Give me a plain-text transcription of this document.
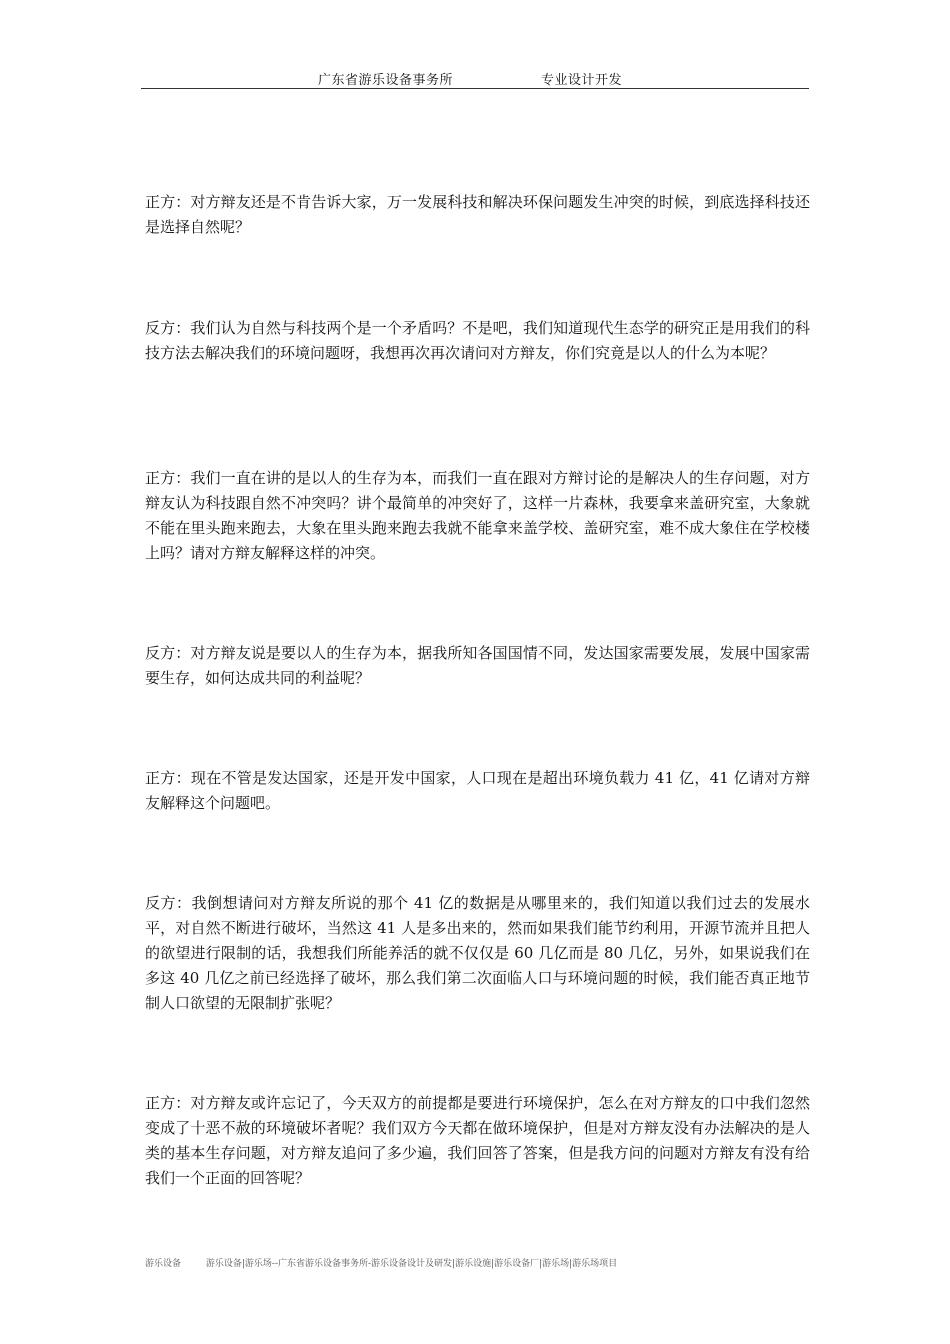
广东省游乐设备事务所	专业设计开发

正方：对方辩友还是不肯告诉大家，万一发展科技和解决环保问题发生冲突的时候，到底选择科技还是选择自然呢？

反方：我们认为自然与科技两个是一个矛盾吗？不是吧，我们知道现代生态学的研究正是用我们的科技方法去解决我们的环境问题呀，我想再次再次请问对方辩友，你们究竟是以人的什么为本呢？

正方：我们一直在讲的是以人的生存为本，而我们一直在跟对方辩讨论的是解决人的生存问题，对方辩友认为科技跟自然不冲突吗？讲个最简单的冲突好了，这样一片森林，我要拿来盖研究室，大象就不能在里头跑来跑去，大象在里头跑来跑去我就不能拿来盖学校、盖研究室，难不成大象住在学校楼上吗？请对方辩友解释这样的冲突。

反方：对方辩友说是要以人的生存为本，据我所知各国国情不同，发达国家需要发展，发展中国家需要生存，如何达成共同的利益呢？

正方：现在不管是发达国家，还是开发中国家，人口现在是超出环境负载力 41 亿，41 亿请对方辩友解释这个问题吧。

反方：我倒想请问对方辩友所说的那个 41 亿的数据是从哪里来的，我们知道以我们过去的发展水平，对自然不断进行破坏，当然这 41 人是多出来的，然而如果我们能节约利用，开源节流并且把人的欲望进行限制的话，我想我们所能养活的就不仅仅是 60 几亿而是 80 几亿，另外，如果说我们在多这 40 几亿之前已经选择了破坏，那么我们第二次面临人口与环境问题的时候，我们能否真正地节制人口欲望的无限制扩张呢？

正方：对方辩友或许忘记了，今天双方的前提都是要进行环境保护，怎么在对方辩友的口中我们忽然变成了十恶不赦的环境破坏者呢？我们双方今天都在做环境保护，但是对方辩友没有办法解决的是人类的基本生存问题，对方辩友追问了多少遍，我们回答了答案，但是我方问的问题对方辩友有没有给我们一个正面的回答呢？

游乐设备	游乐设备|游乐场--广东省游乐设备事务所-游乐设备设计及研发|游乐设施|游乐设备厂|游乐场|游乐场项目
